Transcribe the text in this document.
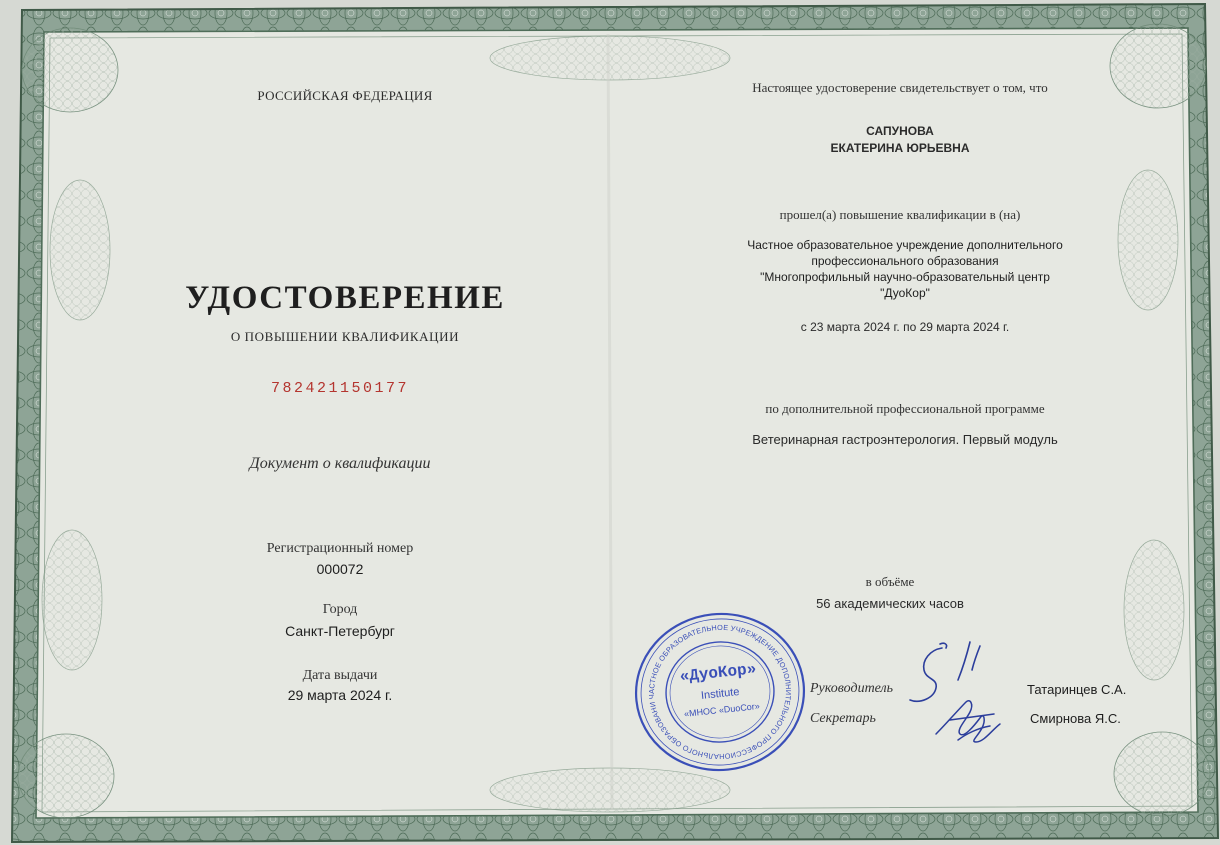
РОССИЙСКАЯ ФЕДЕРАЦИЯ
УДОСТОВЕРЕНИЕ
О ПОВЫШЕНИИ КВАЛИФИКАЦИИ
782421150177
Документ о квалификации
Регистрационный номер
000072
Город
Санкт-Петербург
Дата выдачи
29 марта 2024 г.
Настоящее удостоверение свидетельствует о том, что
САПУНОВА
ЕКАТЕРИНА ЮРЬЕВНА
прошел(а) повышение квалификации в (на)
Частное образовательное учреждение дополнительного
профессионального образования
"Многопрофильный научно-образовательный центр
"ДуоКор"
с 23 марта 2024 г. по 29 марта 2024 г.
по дополнительной профессиональной программе
Ветеринарная гастроэнтерология. Первый модуль
в объёме
56 академических часов
Руководитель	Татаринцев С.А.
Секретарь	Смирнова Я.С.
ЧАСТНОЕ ОБРАЗОВАТЕЛЬНОЕ УЧРЕЖДЕНИЕ ДОПОЛНИТЕЛЬНОГО ПРОФЕССИОНАЛЬНОГО ОБРАЗОВАНИЯ
«ДуоКор»
Institute
«МНОС «DuoCor»
